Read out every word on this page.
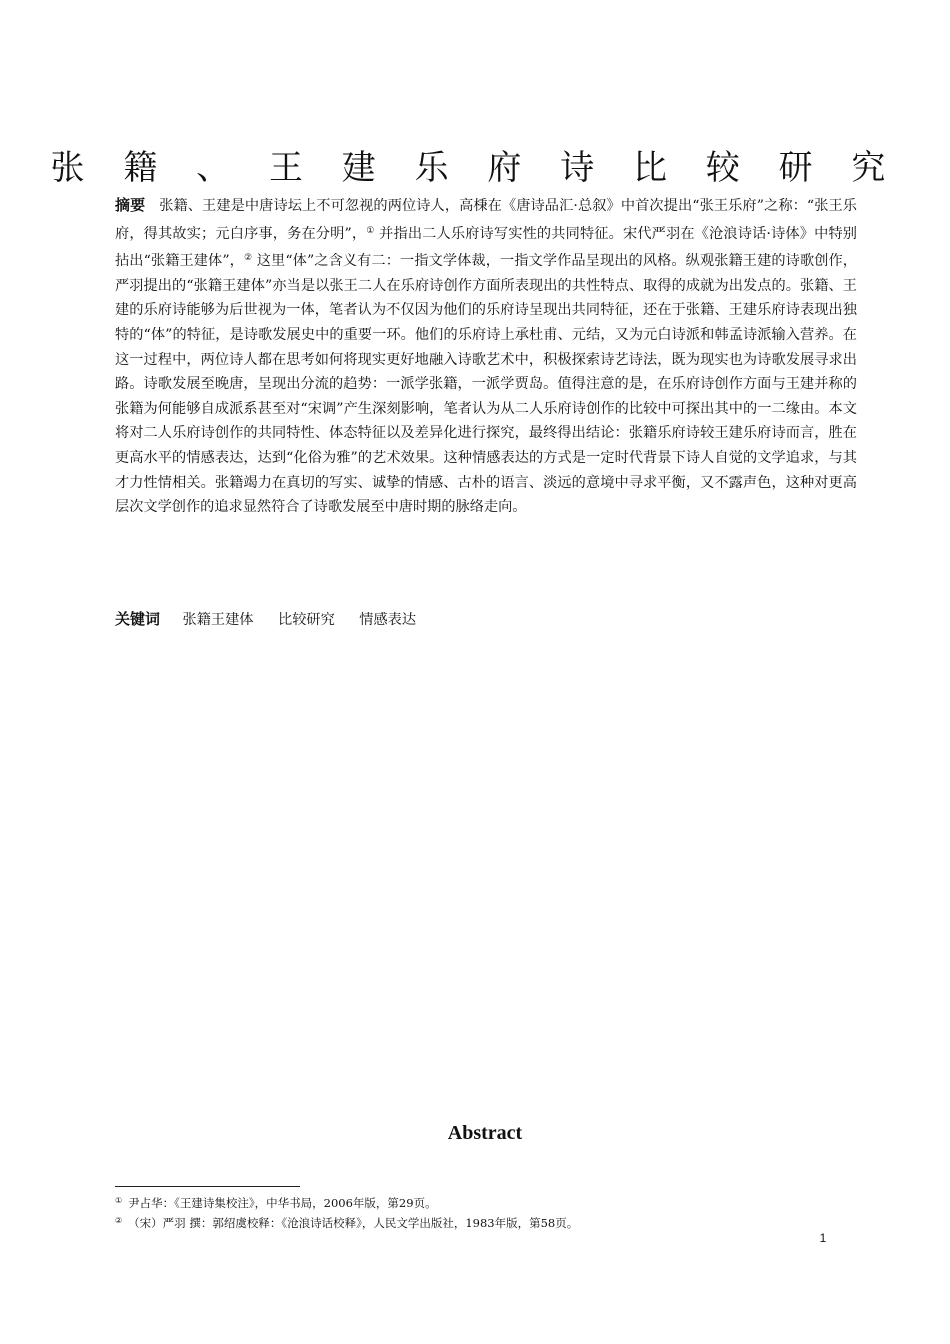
张 籍 、 王 建 乐 府 诗 比 较 研 究
摘要 张籍、王建是中唐诗坛上不可忽视的两位诗人，高棅在《唐诗品汇·总叙》中首次提出“张王乐府”之称：“张王乐府，得其故实；元白序事，务在分明”，① 并指出二人乐府诗写实性的共同特征。宋代严羽在《沧浪诗话·诗体》中特别拈出“张籍王建体”，② 这里“体”之含义有二：一指文学体裁，一指文学作品呈现出的风格。纵观张籍王建的诗歌创作，严羽提出的“张籍王建体”亦当是以张王二人在乐府诗创作方面所表现出的共性特点、取得的成就为出发点的。张籍、王建的乐府诗能够为后世视为一体，笔者认为不仅因为他们的乐府诗呈现出共同特征，还在于张籍、王建乐府诗表现出独特的“体”的特征，是诗歌发展史中的重要一环。他们的乐府诗上承杜甫、元结，又为元白诗派和韩孟诗派输入营养。在这一过程中，两位诗人都在思考如何将现实更好地融入诗歌艺术中，积极探索诗艺诗法，既为现实也为诗歌发展寻求出路。诗歌发展至晚唐，呈现出分流的趋势：一派学张籍，一派学贾岛。值得注意的是，在乐府诗创作方面与王建并称的张籍为何能够自成派系甚至对“宋调”产生深刻影响，笔者认为从二人乐府诗创作的比较中可探出其中的一二缘由。本文将对二人乐府诗创作的共同特性、体态特征以及差异化进行探究，最终得出结论：张籍乐府诗较王建乐府诗而言，胜在更高水平的情感表达，达到“化俗为雅”的艺术效果。这种情感表达的方式是一定时代背景下诗人自觉的文学追求，与其才力性情相关。张籍竭力在真切的写实、诚挚的情感、古朴的语言、淡远的意境中寻求平衡，又不露声色，这种对更高层次文学创作的追求显然符合了诗歌发展至中唐时期的脉络走向。
关键词 张籍王建体 比较研究 情感表达
Abstract
① 尹占华：《王建诗集校注》，中华书局，2006年版，第29页。
② （宋）严羽 撰：郭绍虞校释：《沧浪诗话校释》，人民文学出版社，1983年版，第58页。
1
